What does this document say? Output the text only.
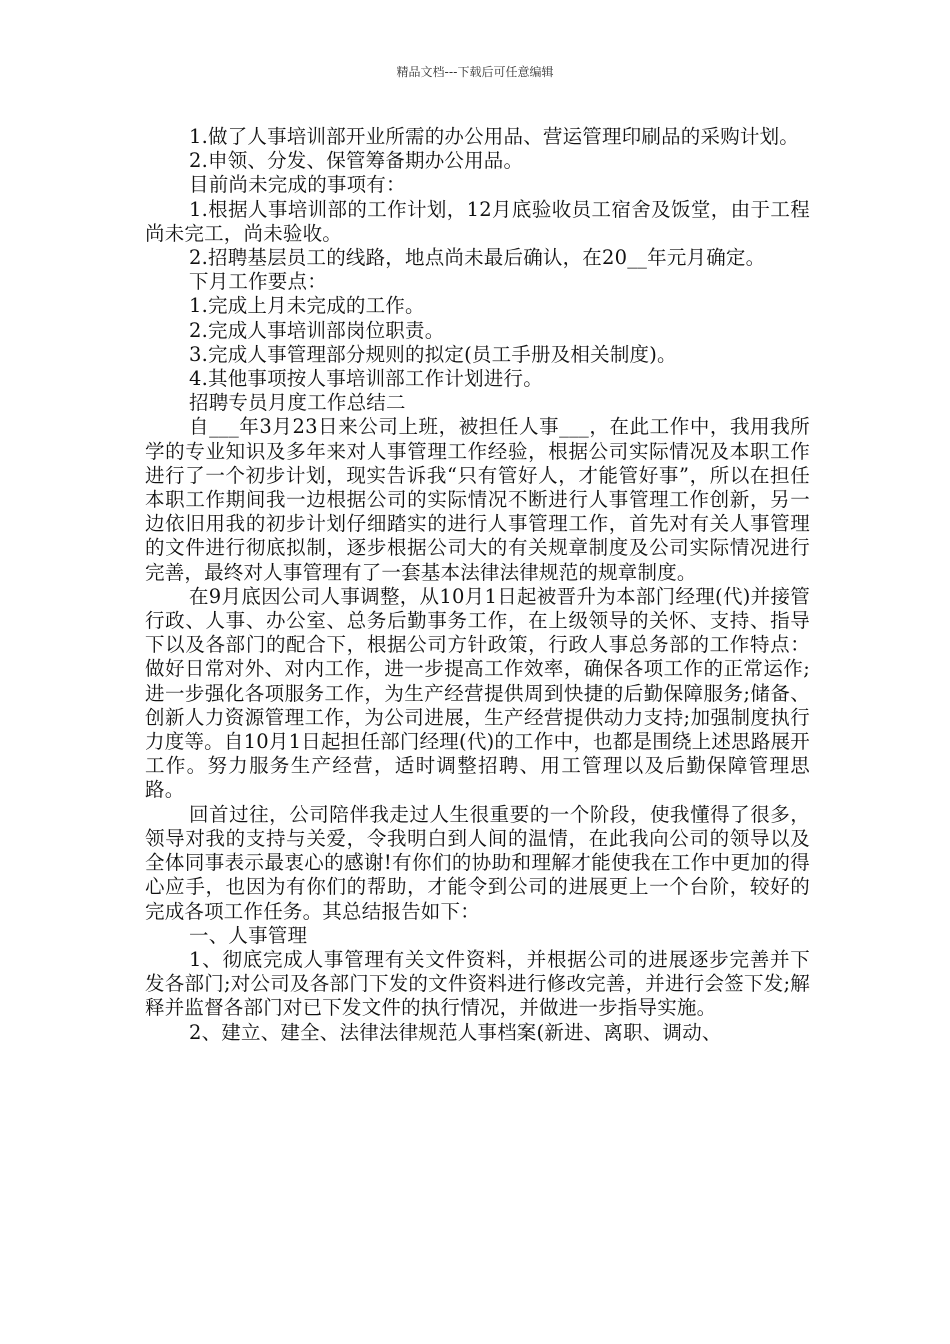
精品文档---下载后可任意编辑

1.做了人事培训部开业所需的办公用品、营运管理印刷品的采购计划。

2.申领、分发、保管筹备期办公用品。

目前尚未完成的事项有：

1.根据人事培训部的工作计划，12月底验收员工宿舍及饭堂，由于工程尚未完工，尚未验收。

2.招聘基层员工的线路，地点尚未最后确认，在20__年元月确定。

下月工作要点：

1.完成上月未完成的工作。

2.完成人事培训部岗位职责。

3.完成人事管理部分规则的拟定(员工手册及相关制度)。

4.其他事项按人事培训部工作计划进行。

招聘专员月度工作总结二

自___年3月23日来公司上班，被担任人事___，在此工作中，我用我所学的专业知识及多年来对人事管理工作经验，根据公司实际情况及本职工作进行了一个初步计划，现实告诉我“只有管好人，才能管好事”，所以在担任本职工作期间我一边根据公司的实际情况不断进行人事管理工作创新，另一边依旧用我的初步计划仔细踏实的进行人事管理工作，首先对有关人事管理的文件进行彻底拟制，逐步根据公司大的有关规章制度及公司实际情况进行完善，最终对人事管理有了一套基本法律法律规范的规章制度。

在9月底因公司人事调整，从10月1日起被晋升为本部门经理(代)并接管行政、人事、办公室、总务后勤事务工作，在上级领导的关怀、支持、指导下以及各部门的配合下，根据公司方针政策，行政人事总务部的工作特点：做好日常对外、对内工作，进一步提高工作效率，确保各项工作的正常运作;进一步强化各项服务工作，为生产经营提供周到快捷的后勤保障服务;储备、创新人力资源管理工作，为公司进展，生产经营提供动力支持;加强制度执行力度等。自10月1日起担任部门经理(代)的工作中，也都是围绕上述思路展开工作。努力服务生产经营，适时调整招聘、用工管理以及后勤保障管理思路。

回首过往，公司陪伴我走过人生很重要的一个阶段，使我懂得了很多，领导对我的支持与关爱，令我明白到人间的温情，在此我向公司的领导以及全体同事表示最衷心的感谢!有你们的协助和理解才能使我在工作中更加的得心应手，也因为有你们的帮助，才能令到公司的进展更上一个台阶，较好的完成各项工作任务。其总结报告如下：

一、人事管理

1、彻底完成人事管理有关文件资料，并根据公司的进展逐步完善并下发各部门;对公司及各部门下发的文件资料进行修改完善，并进行会签下发;解释并监督各部门对已下发文件的执行情况，并做进一步指导实施。

2、建立、建全、法律法律规范人事档案(新进、离职、调动、
